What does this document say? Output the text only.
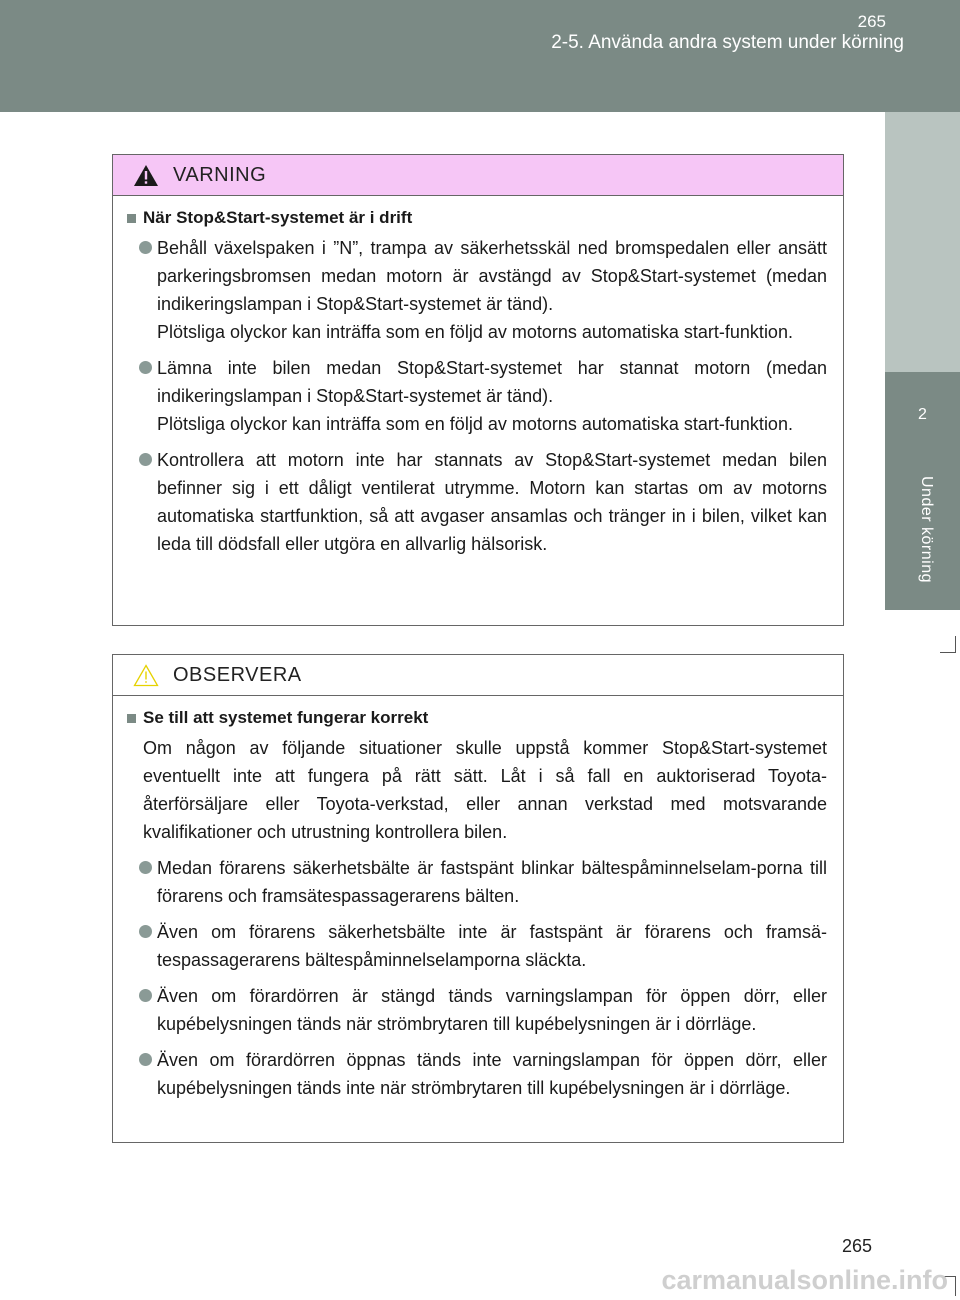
265
2-5. Använda andra system under körning
2
Under körning
VARNING
När Stop&Start-systemet är i drift

Behåll växelspaken i ”N”, trampa av säkerhetsskäl ned bromspedalen eller ansätt parkeringsbromsen medan motorn är avstängd av Stop&Start-systemet (medan indikeringslampan i Stop&Start-systemet är tänd).

Plötsliga olyckor kan inträffa som en följd av motorns automatiska start-funktion.

Lämna inte bilen medan Stop&Start-systemet har stannat motorn (medan indikeringslampan i Stop&Start-systemet är tänd).

Plötsliga olyckor kan inträffa som en följd av motorns automatiska start-funktion.

Kontrollera att motorn inte har stannats av Stop&Start-systemet medan bilen befinner sig i ett dåligt ventilerat utrymme. Motorn kan startas om av motorns automatiska startfunktion, så att avgaser ansamlas och tränger in i bilen, vilket kan leda till dödsfall eller utgöra en allvarlig hälsorisk.

OBSERVERA
Se till att systemet fungerar korrekt
Om någon av följande situationer skulle uppstå kommer Stop&Start-systemet eventuellt inte att fungera på rätt sätt. Låt i så fall en auktoriserad Toyota-återförsäljare eller Toyota-verkstad, eller annan verkstad med motsvarande kvalifikationer och utrustning kontrollera bilen.

Medan förarens säkerhetsbälte är fastspänt blinkar bältespåminnelselam-porna till förarens och framsätespassagerarens bälten.

Även om förarens säkerhetsbälte inte är fastspänt är förarens och framsä-tespassagerarens bältespåminnelselamporna släckta.

Även om förardörren är stängd tänds varningslampan för öppen dörr, eller kupébelysningen tänds när strömbrytaren till kupébelysningen är i dörrläge.

Även om förardörren öppnas tänds inte varningslampan för öppen dörr, eller kupébelysningen tänds inte när strömbrytaren till kupébelysningen är i dörrläge.

265
carmanualsonline.info
